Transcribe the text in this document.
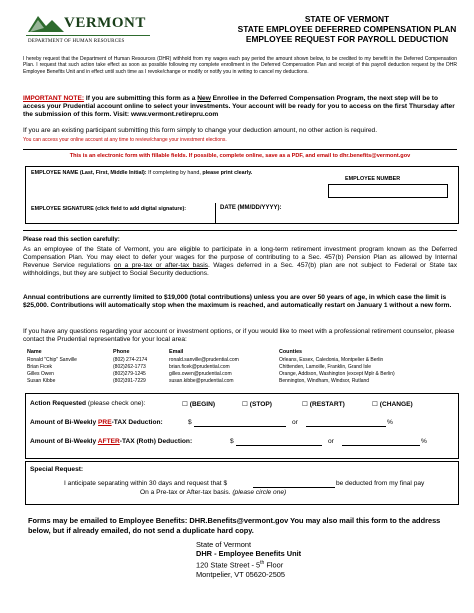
VERMONT
DEPARTMENT OF HUMAN RESOURCES
STATE OF VERMONT
STATE EMPLOYEE DEFERRED COMPENSATION PLAN
EMPLOYEE REQUEST FOR PAYROLL DEDUCTION
I hereby request that the Department of Human Resources (DHR) withhold from my wages each pay period the amount shown below, to be credited to my benefit in the Deferred Compensation Plan. I request that such action take effect as soon as possible following my complete enrollment in the Deferred Compensation Plan and receipt of this payroll deduction request by the DHR Employee Benefits Unit and in effect until such time as I revoke/change or modify or notify you in writing to cancel my deductions.
IMPORTANT NOTE: If you are submitting this form as a New Enrollee in the Deferred Compensation Program, the next step will be to access your Prudential account online to select your investments. Your account will be ready for you to access on the first Thursday after the submission of this form. Visit: www.vermont.retirepru.com
If you are an existing participant submitting this form simply to change your deduction amount, no other action is required.
You can access your online account at any time to review/change your investment elections.
This is an electronic form with fillable fields. If possible, complete online, save as a PDF, and email to dhr.benefits@vermont.gov
EMPLOYEE NAME (Last, First, Middle Initial): If completing by hand, please print clearly.
EMPLOYEE NUMBER
EMPLOYEE SIGNATURE (click field to add digital signature):	DATE (MM/DD/YYYY):
Please read this section carefully:
As an employee of the State of Vermont, you are eligible to participate in a long-term retirement investment program known as the Deferred Compensation Plan. You may elect to defer your wages for the purpose of contributing to a Sec. 457(b) Pension Plan as allowed by Internal Revenue Service regulations on a pre-tax or after-tax basis. Wages deferred in a Sec. 457(b) plan are not subject to Federal or State tax withholdings, but they are subject to Social Security deductions.
Annual contributions are currently limited to $19,000 (total contributions) unless you are over 50 years of age, in which case the limit is $25,000. Contributions will automatically stop when the maximum is reached, and automatically restart on January 1 without a new form.
If you have any questions regarding your account or investment options, or if you would like to meet with a professional retirement counselor, please contact the Prudential representative for your local area:
Name	Phone	Email	Counties
Ronald "Chip" Sanville	(802) 274-2174	ronald.sanville@prudential.com	Orleans, Essex, Caledonia, Montpelier & Berlin
Brian Ficek	(802)262-1773	brian.ficek@prudential.com	Chittenden, Lamoille, Franklin, Grand Isle
Gilles Owen	(802)279-1245	gilles.owen@prudential.com	Orange, Addison, Washington (except Mplr & Berlin)
Susan Kibbe	(802)391-7229	susan.kibbe@prudential.com	Bennington, Windham, Windsor, Rutland
Action Requested (please check one):	☐ (BEGIN)	☐ (STOP)	☐ (RESTART)	☐ (CHANGE)
Amount of Bi-Weekly PRE-TAX Deduction:	$	or	%
Amount of Bi-Weekly AFTER-TAX (Roth) Deduction:	$	or	%
Special Request:
I anticipate separating within 30 days and request that $	be deducted from my final pay
On a Pre-tax or After-tax basis. (please circle one)
Forms may be emailed to Employee Benefits: DHR.Benefits@vermont.gov You may also mail this form to the address below, but if already emailed, do not send a duplicate hard copy.
State of Vermont
DHR - Employee Benefits Unit
120 State Street - 5th Floor
Montpelier, VT 05620-2505
